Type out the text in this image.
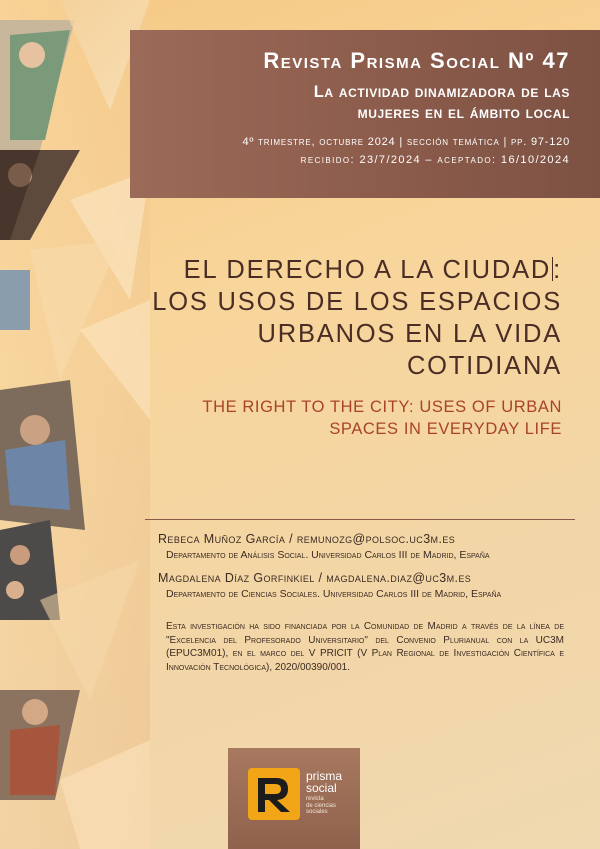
Revista Prisma Social Nº 47

La actividad dinamizadora de las
mujeres en el ámbito local

4º trimestre, octubre 2024 | sección temática | pp. 97-120

recibido: 23/7/2024 – aceptado: 16/10/2024

EL DERECHO A LA CIUDAD:
LOS USOS DE LOS ESPACIOS
URBANOS EN LA VIDA
COTIDIANA
THE RIGHT TO THE CITY: USES OF URBAN
SPACES IN EVERYDAY LIFE

Rebeca Muñoz García / remunozg@polsoc.uc3m.es

Departamento de Análisis Social. Universidad Carlos III de Madrid, España

Magdalena Díaz Gorfinkiel / magdalena.diaz@uc3m.es

Departamento de Ciencias Sociales. Universidad Carlos III de Madrid, España

Esta investigación ha sido financiada por la Comunidad de Madrid a través de la línea de "Excelencia del Profesorado Universitario" del Convenio Plurianual con la UC3M (EPUC3M01), en el marco del V PRICIT (V Plan Regional de Investigación Científica e Innovación Tecnológica), 2020/00390/001.

prisma

social

revista

de ciencias

sociales
